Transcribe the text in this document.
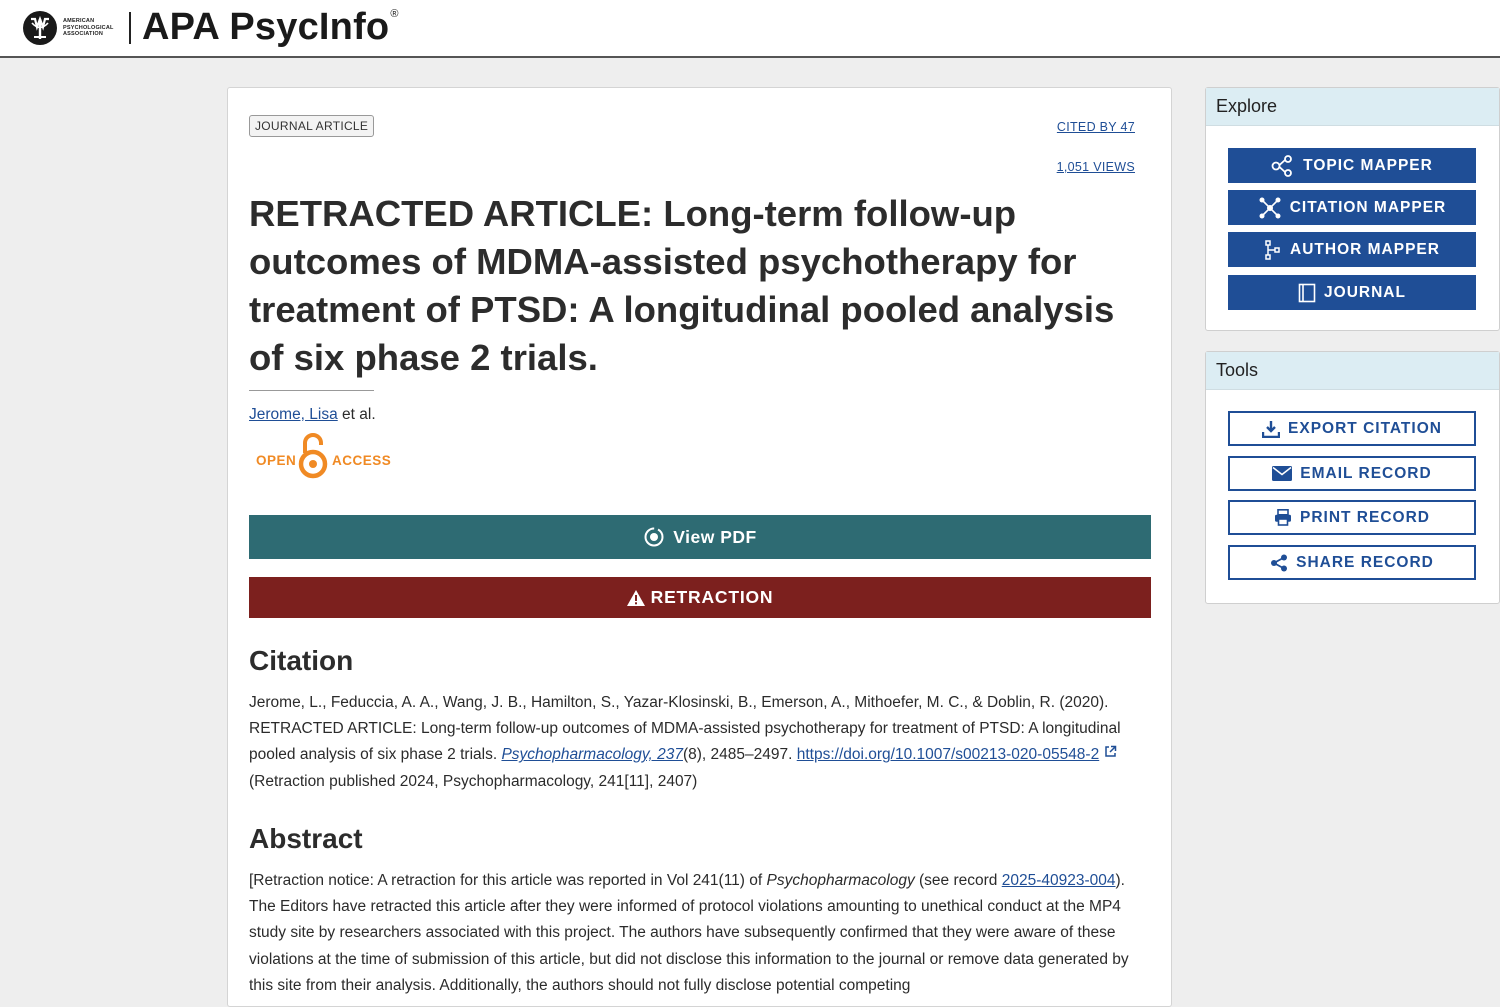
AMERICAN PSYCHOLOGICAL ASSOCIATION	APA PsycInfo®
JOURNAL ARTICLE	CITED BY 47
1,051 VIEWS
RETRACTED ARTICLE: Long-term follow-up outcomes of MDMA-assisted psychotherapy for treatment of PTSD: A longitudinal pooled analysis of six phase 2 trials.
Jerome, Lisa et al.
OPEN	ACCESS
View PDF
RETRACTION
Citation
Jerome, L., Feduccia, A. A., Wang, J. B., Hamilton, S., Yazar-Klosinski, B., Emerson, A., Mithoefer, M. C., & Doblin, R. (2020). RETRACTED ARTICLE: Long-term follow-up outcomes of MDMA-assisted psychotherapy for treatment of PTSD: A longitudinal pooled analysis of six phase 2 trials. Psychopharmacology, 237(8), 2485–2497. https://doi.org/10.1007/s00213-020-05548-2
(Retraction published 2024, Psychopharmacology, 241[11], 2407)
Abstract
[Retraction notice: A retraction for this article was reported in Vol 241(11) of Psychopharmacology (see record 2025-40923-004). The Editors have retracted this article after they were informed of protocol violations amounting to unethical conduct at the MP4 study site by researchers associated with this project. The authors have subsequently confirmed that they were aware of these violations at the time of submission of this article, but did not disclose this information to the journal or remove data generated by this site from their analysis. Additionally, the authors should not fully disclose potential competing
Explore
TOPIC MAPPER
CITATION MAPPER
AUTHOR MAPPER
JOURNAL
Tools
EXPORT CITATION
EMAIL RECORD
PRINT RECORD
SHARE RECORD
